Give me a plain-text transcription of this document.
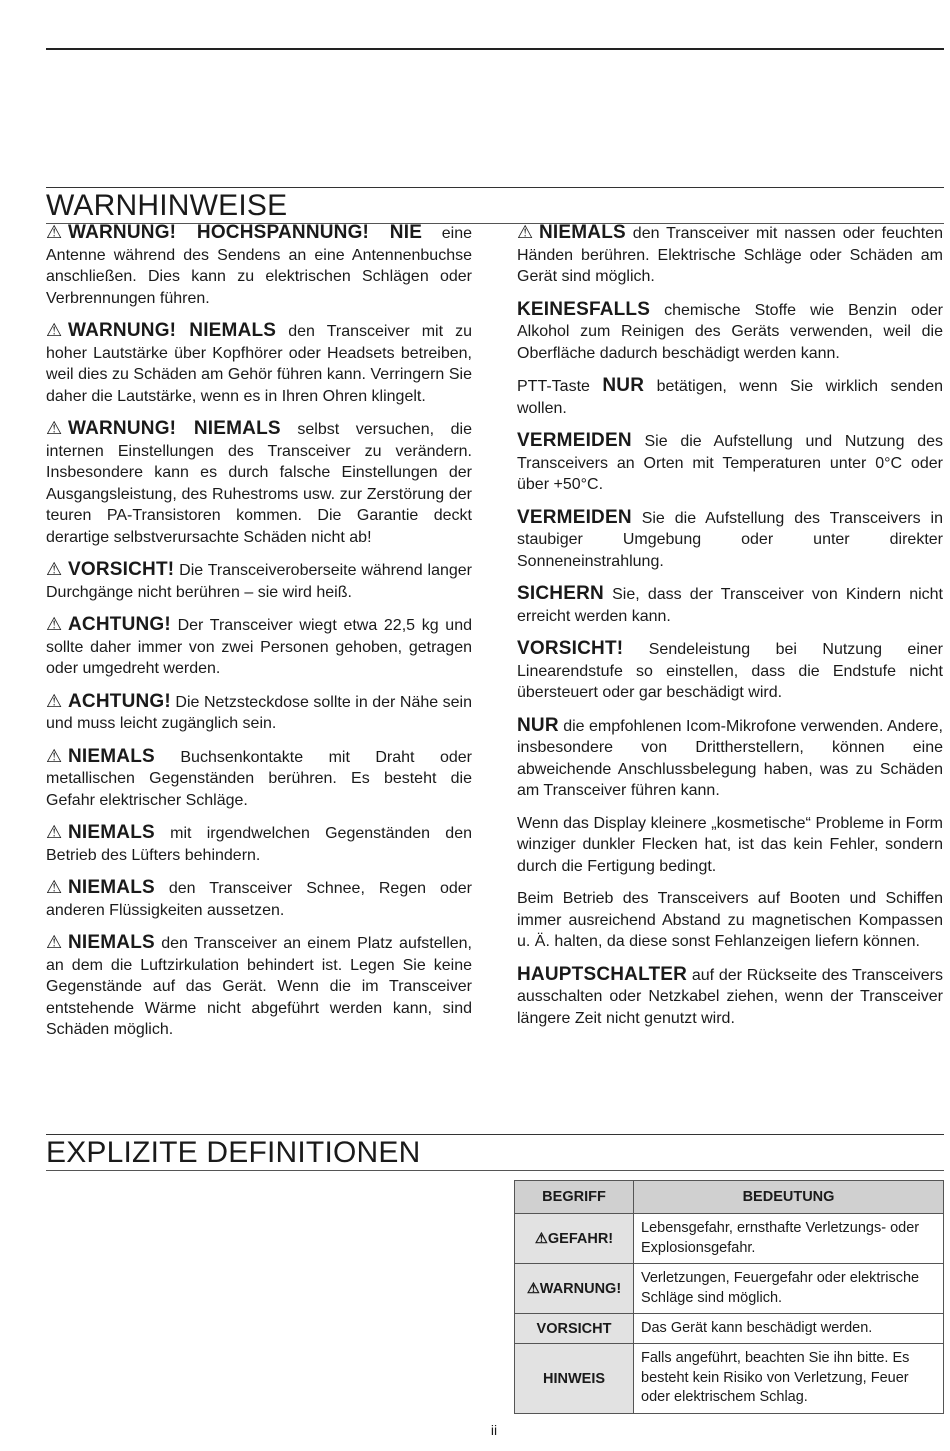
WARNHINWEISE

⚠ WARNUNG! HOCHSPANNUNG! NIE eine Antenne während des Sendens an eine Antennenbuchse anschließen. Dies kann zu elektrischen Schlägen oder Verbrennungen führen.

⚠ WARNUNG! NIEMALS den Transceiver mit zu hoher Lautstärke über Kopfhörer oder Headsets betreiben, weil dies zu Schäden am Gehör führen kann. Verringern Sie daher die Lautstärke, wenn es in Ihren Ohren klingelt.

⚠ WARNUNG! NIEMALS selbst versuchen, die internen Einstellungen des Transceiver zu verändern. Insbesondere kann es durch falsche Einstellungen der Ausgangsleistung, des Ruhestroms usw. zur Zerstörung der teuren PA-Transistoren kommen. Die Garantie deckt derartige selbstverursachte Schäden nicht ab!

⚠ VORSICHT! Die Transceiveroberseite während langer Durchgänge nicht berühren – sie wird heiß.

⚠ ACHTUNG! Der Transceiver wiegt etwa 22,5 kg und sollte daher immer von zwei Personen gehoben, getragen oder umgedreht werden.

⚠ ACHTUNG! Die Netzsteckdose sollte in der Nähe sein und muss leicht zugänglich sein.

⚠ NIEMALS Buchsenkontakte mit Draht oder metallischen Gegenständen berühren. Es besteht die Gefahr elektrischer Schläge.

⚠ NIEMALS mit irgendwelchen Gegenständen den Betrieb des Lüfters behindern.

⚠ NIEMALS den Transceiver Schnee, Regen oder anderen Flüssigkeiten aussetzen.

⚠ NIEMALS den Transceiver an einem Platz aufstellen, an dem die Luftzirkulation behindert ist. Legen Sie keine Gegenstände auf das Gerät. Wenn die im Transceiver entstehende Wärme nicht abgeführt werden kann, sind Schäden möglich.

⚠ NIEMALS den Transceiver mit nassen oder feuchten Händen berühren. Elektrische Schläge oder Schäden am Gerät sind möglich.

KEINESFALLS chemische Stoffe wie Benzin oder Alkohol zum Reinigen des Geräts verwenden, weil die Oberfläche dadurch beschädigt werden kann.

PTT-Taste NUR betätigen, wenn Sie wirklich senden wollen.

VERMEIDEN Sie die Aufstellung und Nutzung des Transceivers an Orten mit Temperaturen unter 0°C oder über +50°C.

VERMEIDEN Sie die Aufstellung des Transceivers in staubiger Umgebung oder unter direkter Sonneneinstrahlung.

SICHERN Sie, dass der Transceiver von Kindern nicht erreicht werden kann.

VORSICHT! Sendeleistung bei Nutzung einer Linearendstufe so einstellen, dass die Endstufe nicht übersteuert oder gar beschädigt wird.

NUR die empfohlenen Icom-Mikrofone verwenden. Andere, insbesondere von Drittherstellern, können eine abweichende Anschlussbelegung haben, was zu Schäden am Transceiver führen kann.

Wenn das Display kleinere „kosmetische“ Probleme in Form winziger dunkler Flecken hat, ist das kein Fehler, sondern durch die Fertigung bedingt.

Beim Betrieb des Transceivers auf Booten und Schiffen immer ausreichend Abstand zu magnetischen Kompassen u. Ä. halten, da diese sonst Fehlanzeigen liefern können.

HAUPTSCHALTER auf der Rückseite des Transceivers ausschalten oder Netzkabel ziehen, wenn der Transceiver längere Zeit nicht genutzt wird.

EXPLIZITE DEFINITIONEN
BEGRIFF	BEDEUTUNG
⚠GEFAHR!	Lebensgefahr, ernsthafte Verletzungs- oder Explosionsgefahr.
⚠WARNUNG!	Verletzungen, Feuergefahr oder elektrische Schläge sind möglich.
VORSICHT	Das Gerät kann beschädigt werden.
HINWEIS	Falls angeführt, beachten Sie ihn bitte. Es besteht kein Risiko von Verletzung, Feuer oder elektrischem Schlag.
ii
